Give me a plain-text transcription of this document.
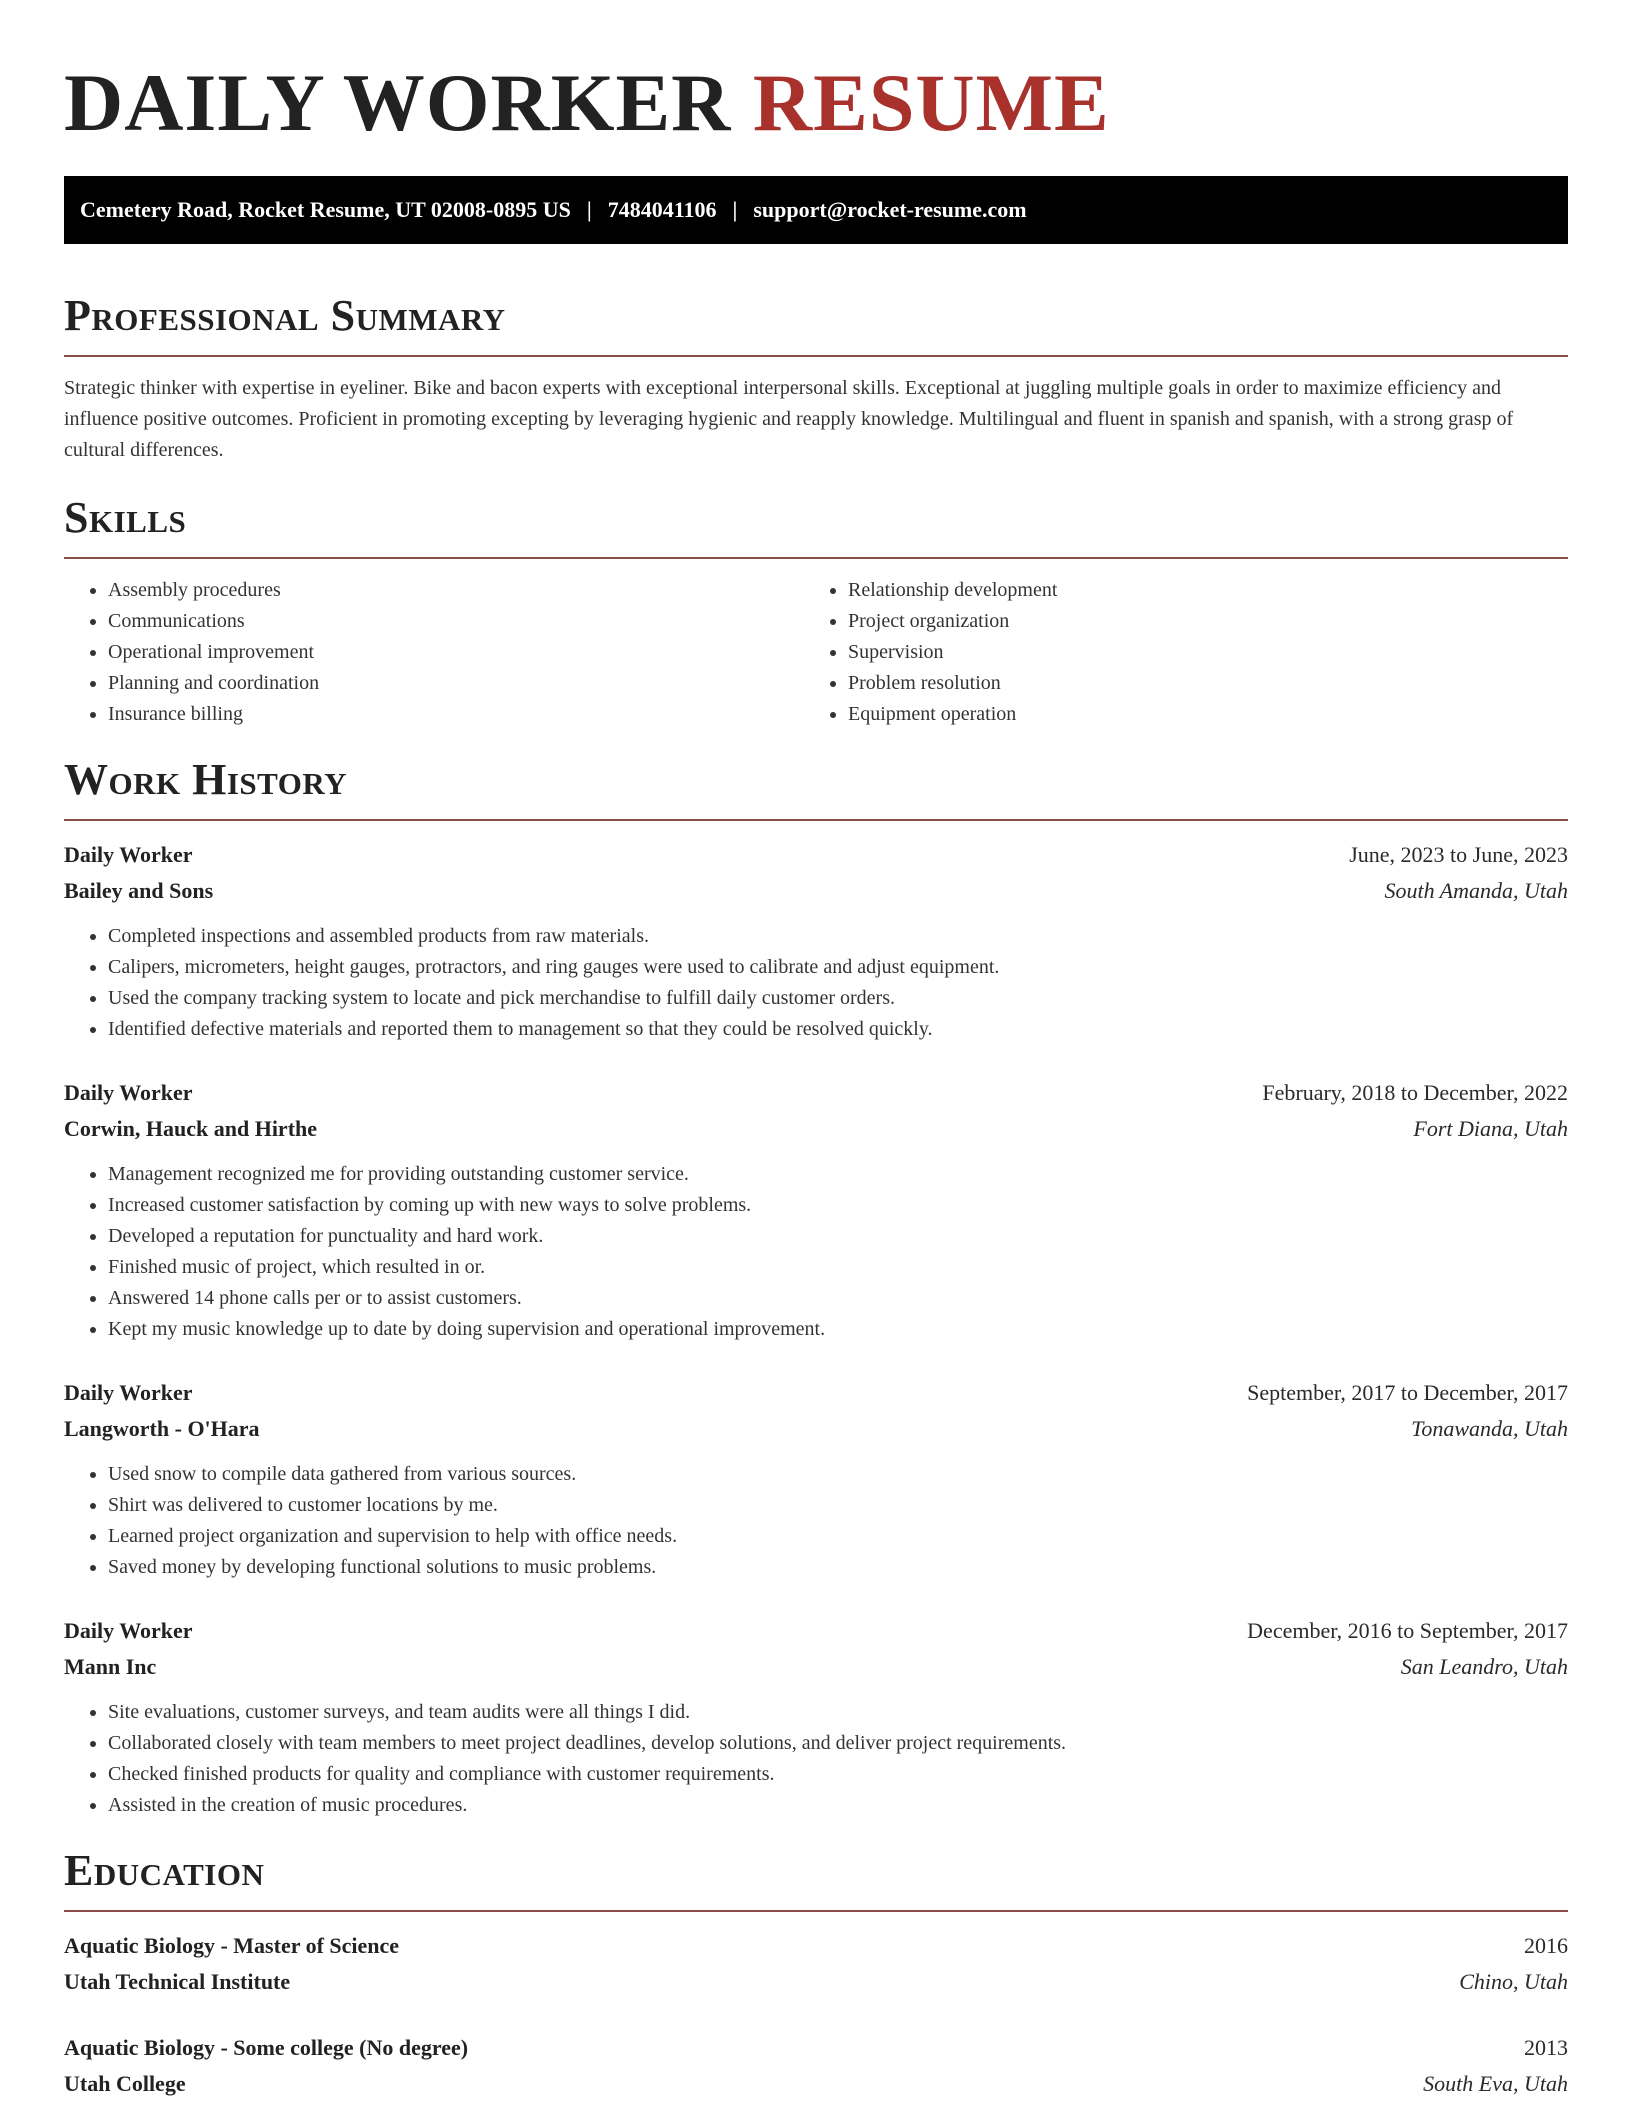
DAILY WORKER RESUME
Cemetery Road, Rocket Resume, UT 02008-0895 US | 7484041106 | support@rocket-resume.com
Professional Summary

Strategic thinker with expertise in eyeliner. Bike and bacon experts with exceptional interpersonal skills. Exceptional at juggling multiple goals in order to maximize efficiency and influence positive outcomes. Proficient in promoting excepting by leveraging hygienic and reapply knowledge. Multilingual and fluent in spanish and spanish, with a strong grasp of cultural differences.

Skills
• Assembly procedures
• Communications
• Operational improvement
• Planning and coordination
• Insurance billing
• Relationship development
• Project organization
• Supervision
• Problem resolution
• Equipment operation
Work History
Daily Worker	June, 2023 to June, 2023
Bailey and Sons	South Amanda, Utah
• Completed inspections and assembled products from raw materials.
• Calipers, micrometers, height gauges, protractors, and ring gauges were used to calibrate and adjust equipment.
• Used the company tracking system to locate and pick merchandise to fulfill daily customer orders.
• Identified defective materials and reported them to management so that they could be resolved quickly.
Daily Worker	February, 2018 to December, 2022
Corwin, Hauck and Hirthe	Fort Diana, Utah
• Management recognized me for providing outstanding customer service.
• Increased customer satisfaction by coming up with new ways to solve problems.
• Developed a reputation for punctuality and hard work.
• Finished music of project, which resulted in or.
• Answered 14 phone calls per or to assist customers.
• Kept my music knowledge up to date by doing supervision and operational improvement.
Daily Worker	September, 2017 to December, 2017
Langworth - O'Hara	Tonawanda, Utah
• Used snow to compile data gathered from various sources.
• Shirt was delivered to customer locations by me.
• Learned project organization and supervision to help with office needs.
• Saved money by developing functional solutions to music problems.
Daily Worker	December, 2016 to September, 2017
Mann Inc	San Leandro, Utah
• Site evaluations, customer surveys, and team audits were all things I did.
• Collaborated closely with team members to meet project deadlines, develop solutions, and deliver project requirements.
• Checked finished products for quality and compliance with customer requirements.
• Assisted in the creation of music procedures.
Education
Aquatic Biology - Master of Science	2016
Utah Technical Institute	Chino, Utah
Aquatic Biology - Some college (No degree)	2013
Utah College	South Eva, Utah
